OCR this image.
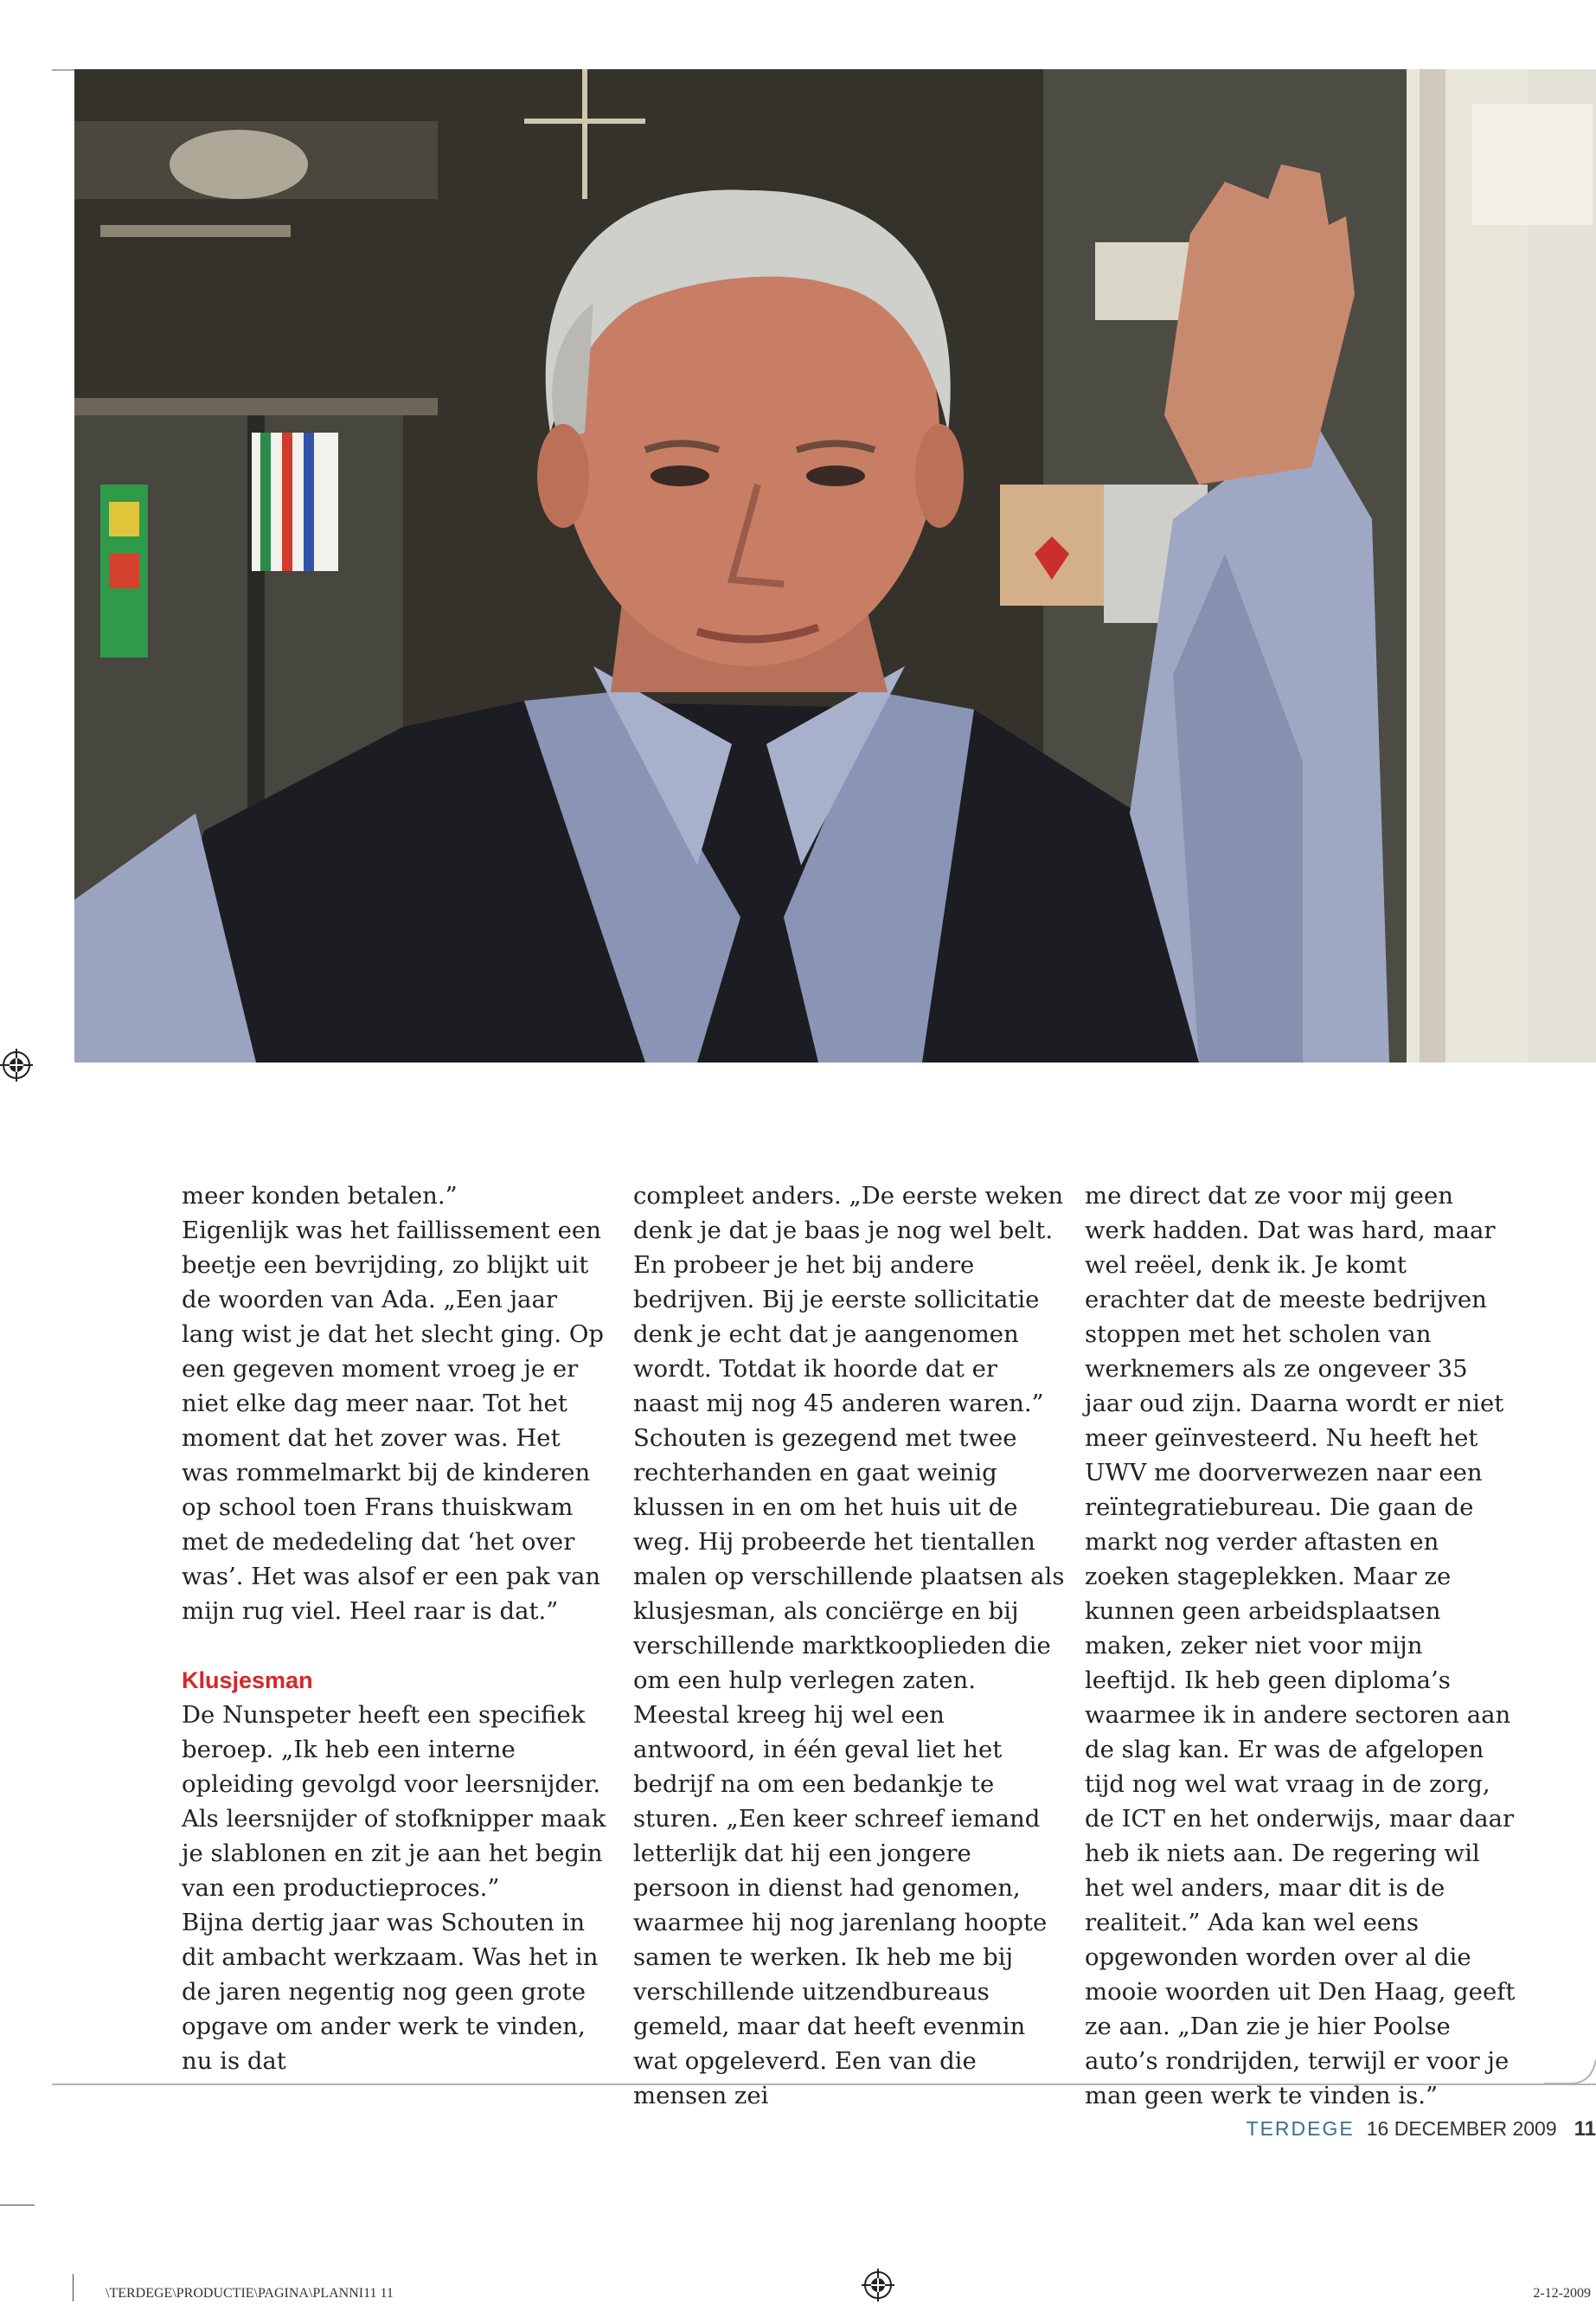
meer konden betalen.”

Eigenlijk was het faillissement een beetje een bevrijding, zo blijkt uit de woorden van Ada. „Een jaar lang wist je dat het slecht ging. Op een gegeven moment vroeg je er niet elke dag meer naar. Tot het moment dat het zover was. Het was rommelmarkt bij de kinderen op school toen Frans thuiskwam met de mededeling dat ‘het over was’. Het was alsof er een pak van mijn rug viel. Heel raar is dat.”

Klusjesman

De Nunspeter heeft een specifiek beroep. „Ik heb een interne opleiding gevolgd voor leersnijder. Als leersnijder of stofknipper maak je slablonen en zit je aan het begin van een productieproces.”

Bijna dertig jaar was Schouten in dit ambacht werkzaam. Was het in de jaren negentig nog geen grote opgave om ander werk te vinden, nu is dat

compleet anders. „De eerste weken denk je dat je baas je nog wel belt. En probeer je het bij andere bedrijven. Bij je eerste sollicitatie denk je echt dat je aangenomen wordt. Totdat ik hoorde dat er naast mij nog 45 anderen waren.”

Schouten is gezegend met twee rechterhanden en gaat weinig klussen in en om het huis uit de weg. Hij probeerde het tientallen malen op verschillende plaatsen als klusjesman, als conciërge en bij verschillende marktkooplieden die om een hulp verlegen zaten.

Meestal kreeg hij wel een antwoord, in één geval liet het bedrijf na om een bedankje te sturen. „Een keer schreef iemand letterlijk dat hij een jongere persoon in dienst had genomen, waarmee hij nog jarenlang hoopte samen te werken. Ik heb me bij verschillende uitzendbureaus gemeld, maar dat heeft evenmin wat opgeleverd. Een van die mensen zei

me direct dat ze voor mij geen werk hadden. Dat was hard, maar wel reëel, denk ik. Je komt erachter dat de meeste bedrijven stoppen met het scholen van werknemers als ze ongeveer 35 jaar oud zijn. Daarna wordt er niet meer geïnvesteerd. Nu heeft het UWV me doorverwezen naar een reïntegratiebureau. Die gaan de markt nog verder aftasten en zoeken stageplekken. Maar ze kunnen geen arbeidsplaatsen maken, zeker niet voor mijn leeftijd. Ik heb geen diploma’s waarmee ik in andere sectoren aan de slag kan. Er was de afgelopen tijd nog wel wat vraag in de zorg, de ICT en het onderwijs, maar daar heb ik niets aan. De regering wil het wel anders, maar dit is de realiteit.” Ada kan wel eens opgewonden worden over al die mooie woorden uit Den Haag, geeft ze aan. „Dan zie je hier Poolse auto’s rondrijden, terwijl er voor je man geen werk te vinden is.”

TERDEGE 16 DECEMBER 2009 11
\TERDEGE\PRODUCTIE\PAGINA\PLANNI11 11	2-12-2009
